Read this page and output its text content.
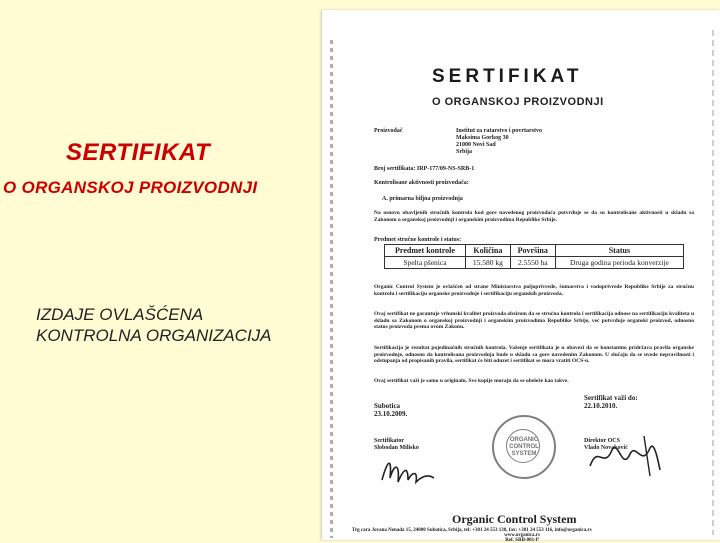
SERTIFIKAT
O ORGANSKOJ PROIZVODNJI
IZDAJE OVLAŠĆENA
KONTROLNA ORGANIZACIJA
SERTIFIKAT
O ORGANSKOJ PROIZVODNJI
Proizvođač	Institut za ratarstvo i povrtarstvo
Maksima Gorkog 30
21000 Novi Sad
Srbija
Broj sertifikata: IRP-177/09-NS-SRB-1
Kontrolisane aktivnosti proizvođača:
A. primarna biljna proizvodnja
Na osnovu obavljenih stručnih kontrola kod gore navedenog proizvođača potvrđuje se da su kontrolisane aktivnosti u skladu sa Zakonom o organskoj proizvodnji i organskim proizvodima Republike Srbije.
Predmet stručne kontrole i status:
Predmet kontrole	Količina	Površina	Status
Spelta pšenica	15.580 kg	2.5550 ha	Druga godina perioda konverzije
Organic Control System je ovlašćen od strane Ministarstva poljoprivrede, šumarstva i vodoprivrede Republike Srbije za stručnu kontrolu i sertifikaciju organske proizvodnje i sertifikaciju organskih proizvoda.
Ovaj sertifikat ne garantuje vrhunski kvalitet proizvoda obzirom da se stručna kontrola i sertifikacija odnose na sertifikaciju kvaliteta u skladu sa Zakonom o organskoj proizvodnji i organskim proizvodima Republike Srbije, već potvrđuje organski proizvod, odnosno status proizvoda prema ovom Zakonu.
Sertifikacija je rezultat pojedinačnih stručnih kontrola. Važenje sertifikata je u obavezi da se konstantno pridržava pravila organske proizvodnje, odnosno da kontrolisana proizvodnja bude u skladu sa gore navedenim Zakonom. U slučaju da se uvede nepravilnosti i odstupanja od propisanih pravila, sertifikat će biti oduzet i sertifikat se mora vratiti OCS-u.
Ovaj sertifikat važi je samo u originalu. Sve kopije moraju da se obeleže kao takve.
Subotica
23.10.2009.
Sertifikat važi do:
22.10.2010.
ORGANIC
CONTROL
SYSTEM
Sertifikator
Slobodan Milisko
Direktor OCS
Vlado Novaković
Organic Control System
Trg cara Jovana Nenada 15, 24000 Subotica, Srbija, tel: +381 24 553 130, fax: +381 24 553 116, info@organica.rs
www.organica.rs
Ref. SRB-001-P
